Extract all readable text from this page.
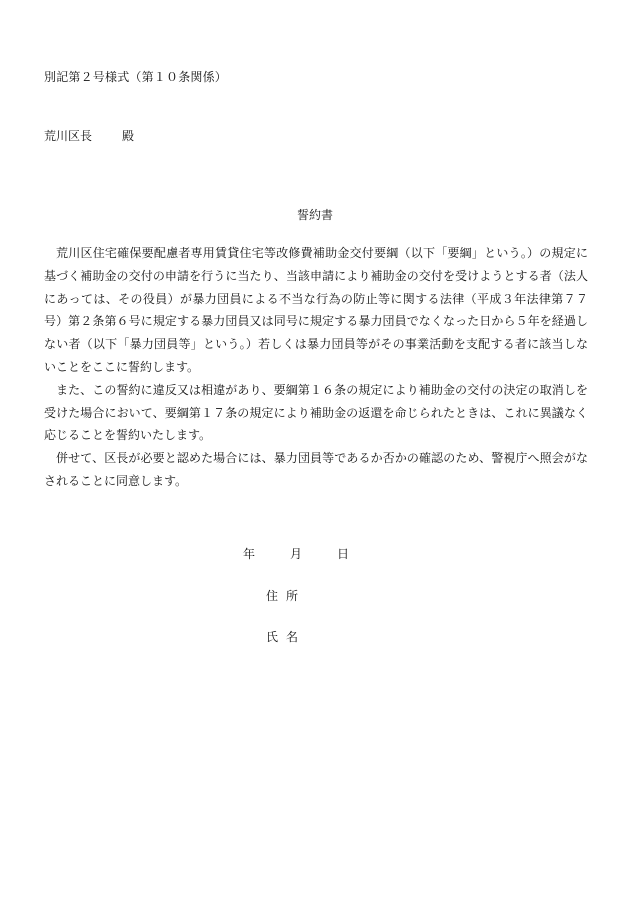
別記第２号様式（第１０条関係）
荒川区長	殿
誓約書

荒川区住宅確保要配慮者専用賃貸住宅等改修費補助金交付要綱（以下「要綱」という。）の規定に基づく補助金の交付の申請を行うに当たり、当該申請により補助金の交付を受けようとする者（法人にあっては、その役員）が暴力団員による不当な行為の防止等に関する法律（平成３年法律第７７号）第２条第６号に規定する暴力団員又は同号に規定する暴力団員でなくなった日から５年を経過しない者（以下「暴力団員等」という。）若しくは暴力団員等がその事業活動を支配する者に該当しないことをここに誓約します。

また、この誓約に違反又は相違があり、要綱第１６条の規定により補助金の交付の決定の取消しを受けた場合において、要綱第１７条の規定により補助金の返還を命じられたときは、これに異議なく応じることを誓約いたします。

併せて、区長が必要と認めた場合には、暴力団員等であるか否かの確認のため、警視庁へ照会がなされることに同意します。

年	月	日
住所
氏名
